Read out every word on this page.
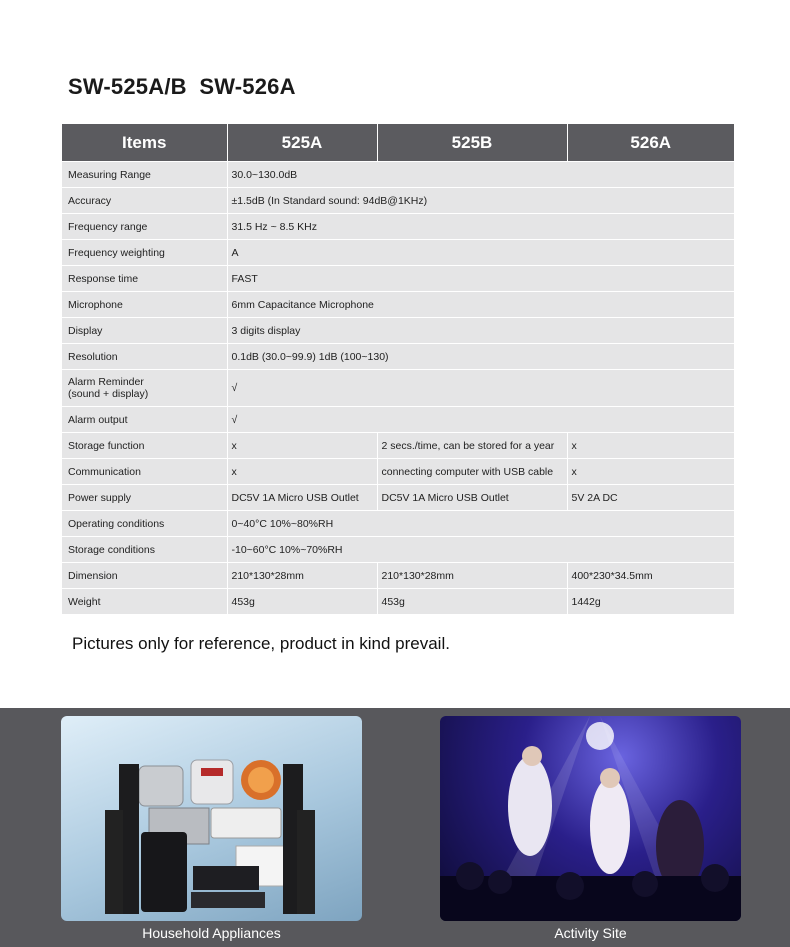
SW-525A/B  SW-526A
Items	525A	525B	526A
Measuring Range	30.0~130.0dB		
Accuracy	±1.5dB (In Standard sound: 94dB@1KHz)		
Frequency range	31.5 Hz ~ 8.5 KHz		
Frequency weighting	A		
Response time	FAST		
Microphone	6mm Capacitance Microphone		
Display	3 digits display		
Resolution	0.1dB (30.0~99.9) 1dB (100~130)		

Alarm Reminder
(sound + display)	√		
Alarm output	√		
Storage function	x	2 secs./time, can be stored for a year	x
Communication	x	connecting computer with USB cable	x
Power supply	DC5V 1A Micro USB Outlet	DC5V 1A Micro USB Outlet	5V 2A DC
Operating conditions	0~40°C 10%~80%RH		
Storage conditions	-10~60°C 10%~70%RH		
Dimension	210*130*28mm	210*130*28mm	400*230*34.5mm
Weight	453g	453g	1442g
Pictures only for reference, product in kind prevail.
Household Appliances	Activity Site
